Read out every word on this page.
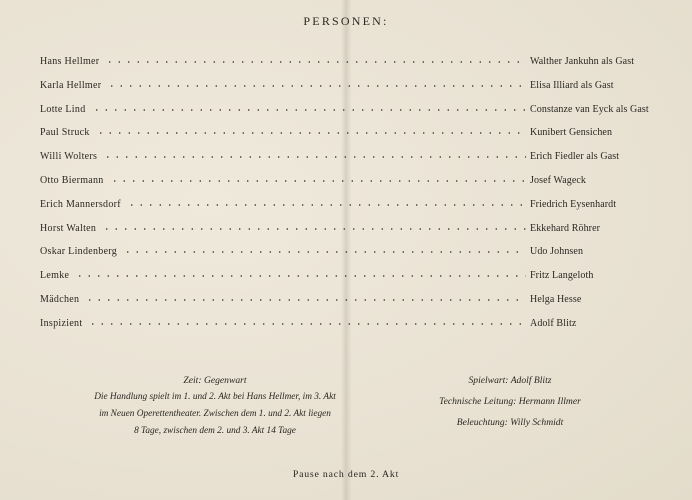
PERSONEN:
Hans Hellmer	Walther Jankuhn als Gast
Karla Hellmer	Elisa Illiard als Gast
Lotte Lind	Constanze van Eyck als Gast
Paul Struck	Kunibert Gensichen
Willi Wolters	Erich Fiedler als Gast
Otto Biermann	Josef Wageck
Erich Mannersdorf	Friedrich Eysenhardt
Horst Walten	Ekkehard Röhrer
Oskar Lindenberg	Udo Johnsen
Lemke	Fritz Langeloth
Mädchen	Helga Hesse
Inspizient	Adolf Blitz
Zeit: Gegenwart
Die Handlung spielt im 1. und 2. Akt bei Hans Hellmer, im 3. Akt
im Neuen Operettentheater. Zwischen dem 1. und 2. Akt liegen
8 Tage, zwischen dem 2. und 3. Akt 14 Tage
Spielwart: Adolf Blitz
Technische Leitung: Hermann Illmer
Beleuchtung: Willy Schmidt
Pause nach dem 2. Akt
